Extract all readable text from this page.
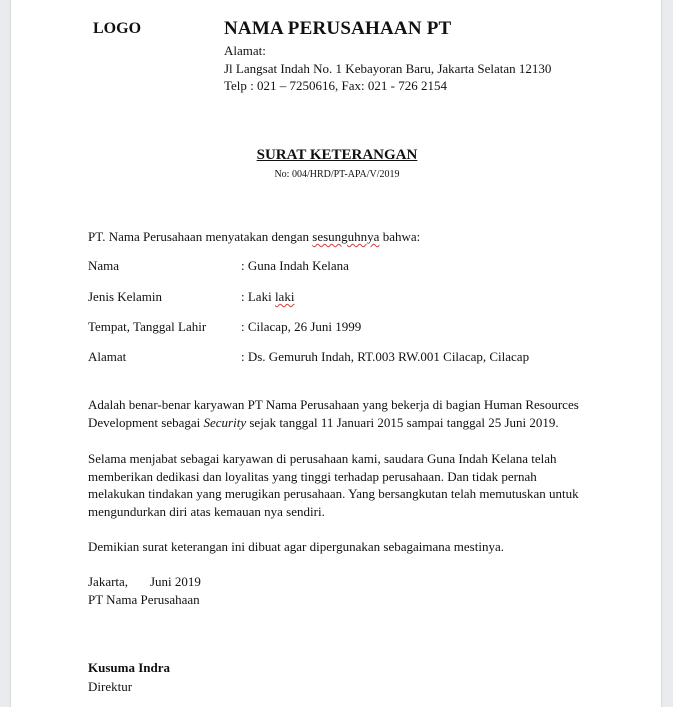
LOGO	NAMA PERUSAHAAN PT
Alamat:
Jl Langsat Indah No. 1 Kebayoran Baru, Jakarta Selatan 12130
Telp : 021 – 7250616, Fax: 021 - 726 2154
SURAT KETERANGAN
No: 004/HRD/PT-APA/V/2019
PT. Nama Perusahaan menyatakan dengan sesunguhnya bahwa:
Nama	: Guna Indah Kelana
Jenis Kelamin	: Laki laki
Tempat, Tanggal Lahir	: Cilacap, 26 Juni 1999
Alamat	: Ds. Gemuruh Indah, RT.003 RW.001 Cilacap, Cilacap
Adalah benar-benar karyawan PT Nama Perusahaan yang bekerja di bagian Human Resources Development sebagai Security sejak tanggal 11 Januari 2015 sampai tanggal 25 Juni 2019.
Selama menjabat sebagai karyawan di perusahaan kami, saudara Guna Indah Kelana telah memberikan dedikasi dan loyalitas yang tinggi terhadap perusahaan. Dan tidak pernah melakukan tindakan yang merugikan perusahaan. Yang bersangkutan telah memutuskan untuk mengundurkan diri atas kemauan nya sendiri.
Demikian surat keterangan ini dibuat agar dipergunakan sebagaimana mestinya.
Jakarta, Juni 2019
PT Nama Perusahaan
Kusuma Indra
Direktur
